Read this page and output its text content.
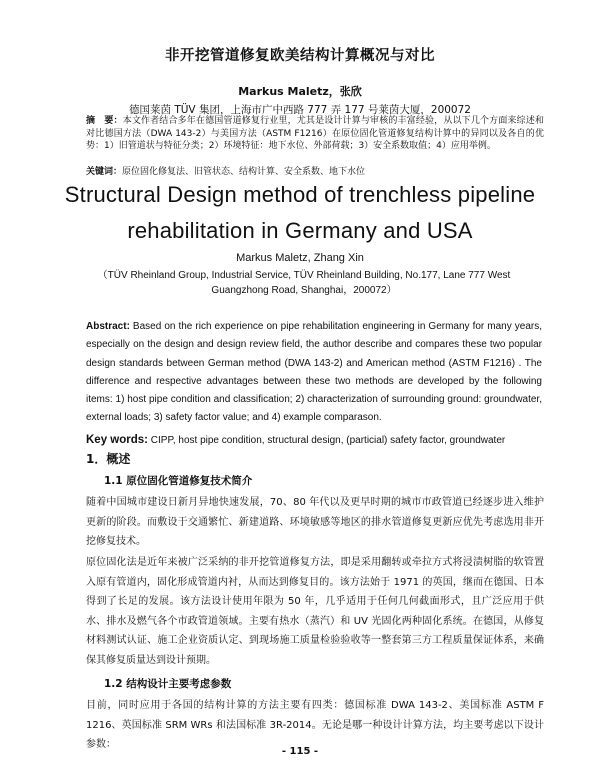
非开挖管道修复欧美结构计算概况与对比
Markus Maletz，张欣
德国莱茵 TÜV 集团，上海市广中西路 777 弄 177 号莱茵大厦，200072
摘　要：本文作者结合多年在德国管道修复行业里，尤其是设计计算与审核的丰富经验，从以下几个方面来综述和对比德国方法（DWA 143-2）与美国方法（ASTM F1216）在原位固化管道修复结构计算中的异同以及各自的优势：1）旧管道状与特征分类；2）环境特征：地下水位、外部荷载；3）安全系数取值；4）应用举例。
关键词：原位固化修复法、旧管状态、结构计算、安全系数、地下水位
Structural Design method of trenchless pipeline
rehabilitation in Germany and USA
Markus Maletz, Zhang Xin
（TÜV Rheinland Group, Industrial Service, TÜV Rheinland Building, No.177, Lane 777 West Guangzhong Road, Shanghai，200072）
Abstract: Based on the rich experience on pipe rehabilitation engineering in Germany for many years, especially on the design and design review field, the author describe and compares these two popular design standards between German method (DWA 143-2) and American method (ASTM F1216) . The difference and respective advantages between these two methods are developed by the following items: 1) host pipe condition and classification; 2) characterization of surrounding ground: groundwater, external loads; 3) safety factor value; and 4) example comparason.
Key words: CIPP, host pipe condition, structural design, (particial) safety factor, groundwater
1．概述
1.1 原位固化管道修复技术简介
随着中国城市建设日新月异地快速发展，70、80 年代以及更早时期的城市市政管道已经逐步进入维护更新的阶段。而敷设于交通繁忙、新建道路、环境敏感等地区的排水管道修复更新应优先考虑选用非开挖修复技术。
原位固化法是近年来被广泛采纳的非开挖管道修复方法，即是采用翻转或牵拉方式将浸渍树脂的软管置入原有管道内，固化形成管道内衬，从而达到修复目的。该方法始于 1971 的英国，继而在德国、日本得到了长足的发展。该方法设计使用年限为 50 年，几乎适用于任何几何截面形式，且广泛应用于供水、排水及燃气各个市政管道领域。主要有热水（蒸汽）和 UV 光固化两种固化系统。在德国，从修复材料测试认证、施工企业资质认定、到现场施工质量检验验收等一整套第三方工程质量保证体系，来确保其修复质量达到设计预期。
1.2 结构设计主要考虑参数
目前，同时应用于各国的结构计算的方法主要有四类：德国标准 DWA 143-2、美国标准 ASTM F 1216、英国标准 SRM WRs 和法国标准 3R-2014。无论是哪一种设计计算方法，均主要考虑以下设计参数：
- 115 -
